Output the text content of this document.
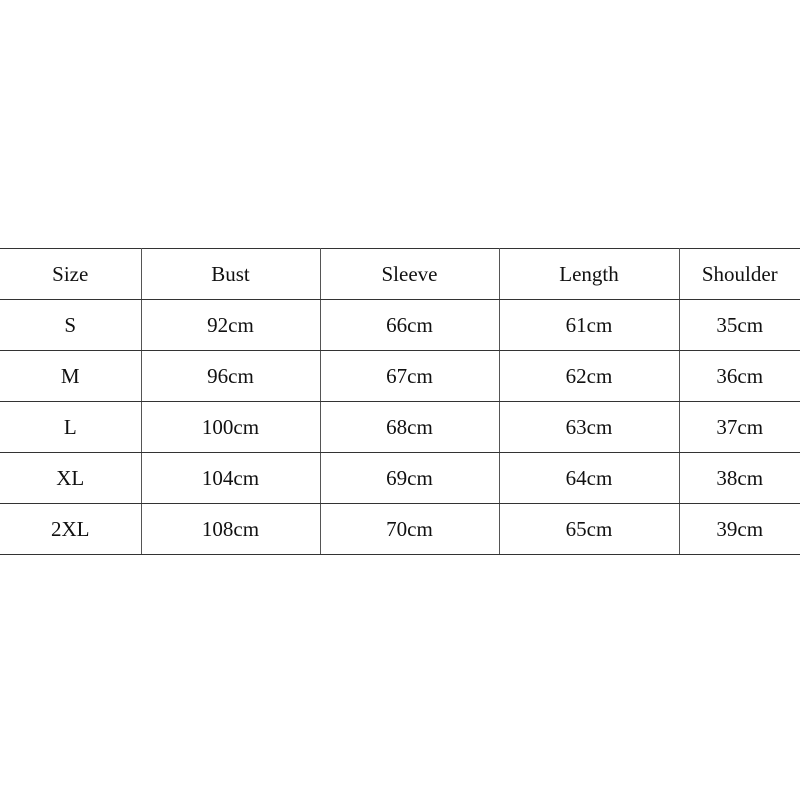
Size	Bust	Sleeve	Length	Shoulder
S	92cm	66cm	61cm	35cm
M	96cm	67cm	62cm	36cm
L	100cm	68cm	63cm	37cm
XL	104cm	69cm	64cm	38cm
2XL	108cm	70cm	65cm	39cm
